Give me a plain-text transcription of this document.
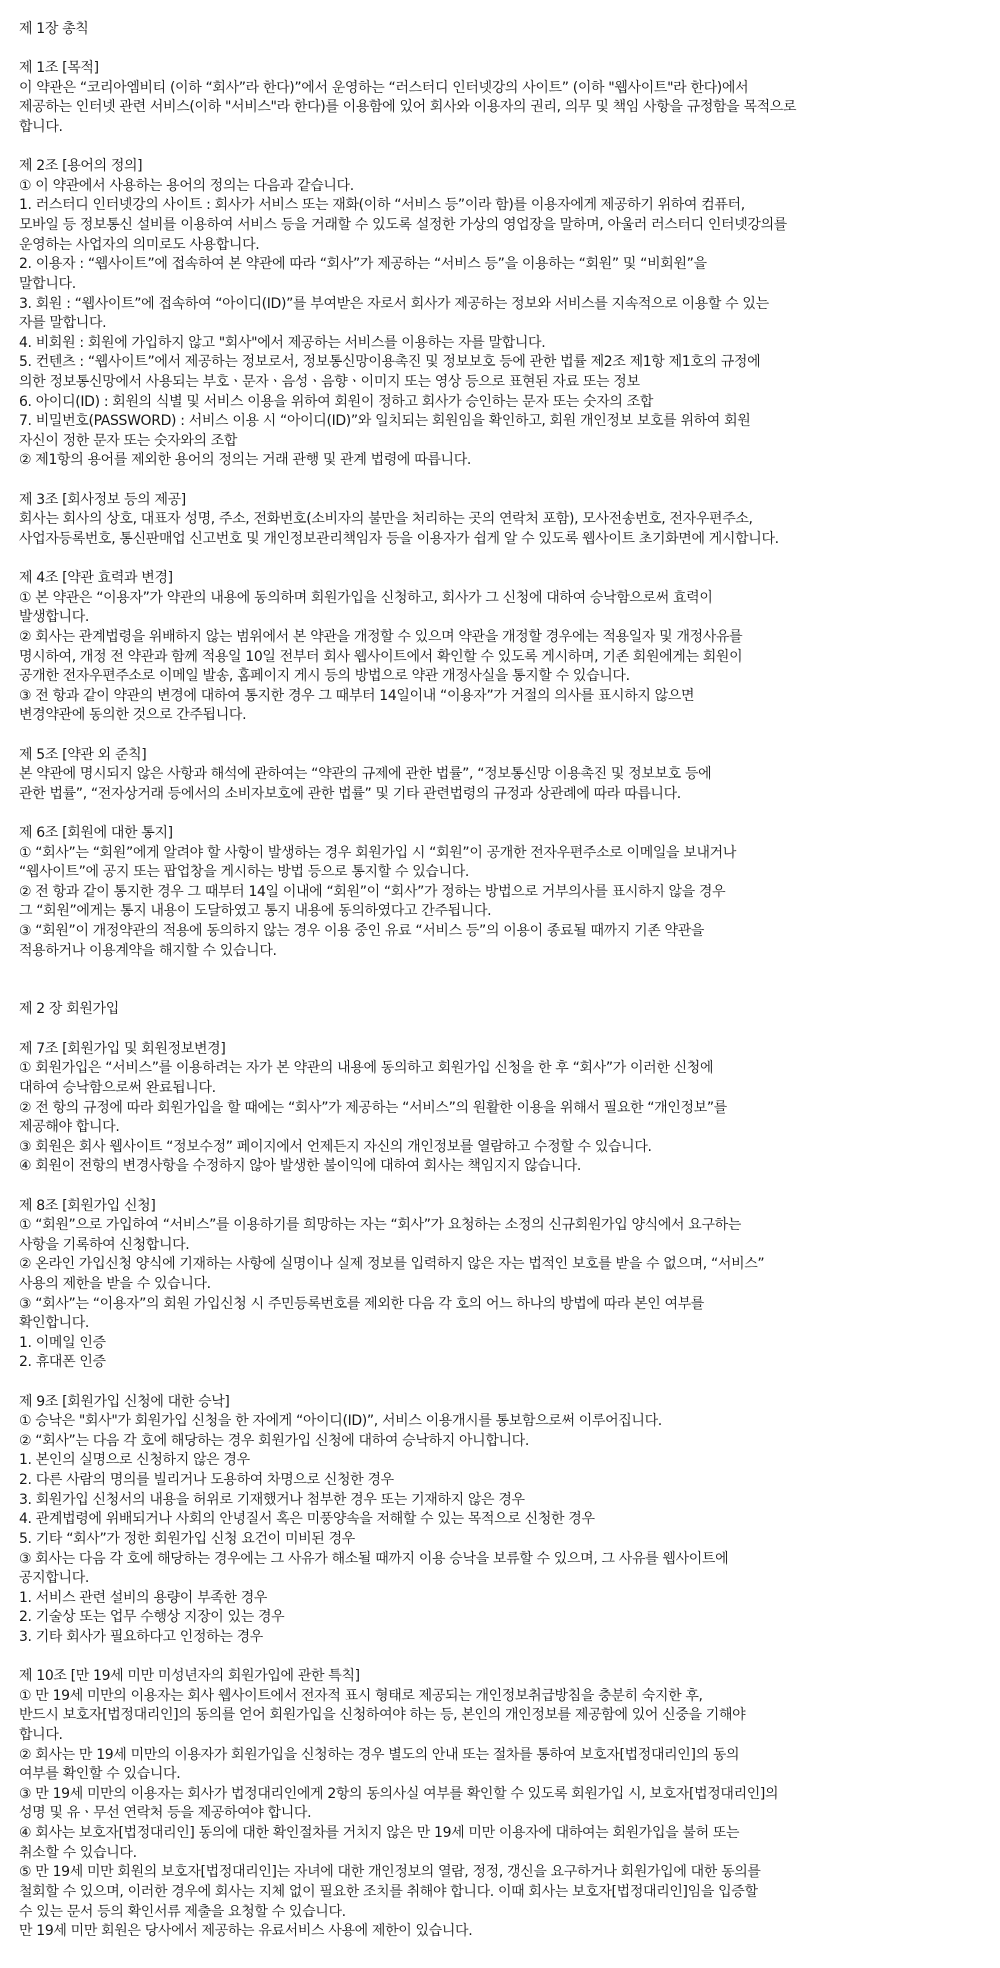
제 1장 총칙
제 1조 [목적]
이 약관은 “코리아엠비티 (이하 “회사”라 한다)”에서 운영하는 “러스터디 인터넷강의 사이트” (이하 "웹사이트"라 한다)에서
제공하는 인터넷 관련 서비스(이하 "서비스"라 한다)를 이용함에 있어 회사와 이용자의 권리, 의무 및 책임 사항을 규정함을 목적으로
합니다.
제 2조 [용어의 정의]
① 이 약관에서 사용하는 용어의 정의는 다음과 같습니다.
1. 러스터디 인터넷강의 사이트 : 회사가 서비스 또는 재화(이하 “서비스 등”이라 함)를 이용자에게 제공하기 위하여 컴퓨터,
모바일 등 정보통신 설비를 이용하여 서비스 등을 거래할 수 있도록 설정한 가상의 영업장을 말하며, 아울러 러스터디 인터넷강의를
운영하는 사업자의 의미로도 사용합니다.
2. 이용자 : “웹사이트”에 접속하여 본 약관에 따라 “회사”가 제공하는 “서비스 등”을 이용하는 “회원” 및 “비회원”을
말합니다.
3. 회원 : “웹사이트”에 접속하여 “아이디(ID)”를 부여받은 자로서 회사가 제공하는 정보와 서비스를 지속적으로 이용할 수 있는
자를 말합니다.
4. 비회원 : 회원에 가입하지 않고 "회사"에서 제공하는 서비스를 이용하는 자를 말합니다.
5. 컨텐츠 : “웹사이트”에서 제공하는 정보로서, 정보통신망이용촉진 및 정보보호 등에 관한 법률 제2조 제1항 제1호의 규정에
의한 정보통신망에서 사용되는 부호ㆍ문자ㆍ음성ㆍ음향ㆍ이미지 또는 영상 등으로 표현된 자료 또는 정보
6. 아이디(ID) : 회원의 식별 및 서비스 이용을 위하여 회원이 정하고 회사가 승인하는 문자 또는 숫자의 조합
7. 비밀번호(PASSWORD) : 서비스 이용 시 “아이디(ID)”와 일치되는 회원임을 확인하고, 회원 개인정보 보호를 위하여 회원
자신이 정한 문자 또는 숫자와의 조합
② 제1항의 용어를 제외한 용어의 정의는 거래 관행 및 관계 법령에 따릅니다.
제 3조 [회사정보 등의 제공]
회사는 회사의 상호, 대표자 성명, 주소, 전화번호(소비자의 불만을 처리하는 곳의 연락처 포함), 모사전송번호, 전자우편주소,
사업자등록번호, 통신판매업 신고번호 및 개인정보관리책임자 등을 이용자가 쉽게 알 수 있도록 웹사이트 초기화면에 게시합니다.
제 4조 [약관 효력과 변경]
① 본 약관은 “이용자”가 약관의 내용에 동의하며 회원가입을 신청하고, 회사가 그 신청에 대하여 승낙함으로써 효력이
발생합니다.
② 회사는 관계법령을 위배하지 않는 범위에서 본 약관을 개정할 수 있으며 약관을 개정할 경우에는 적용일자 및 개정사유를
명시하여, 개정 전 약관과 함께 적용일 10일 전부터 회사 웹사이트에서 확인할 수 있도록 게시하며, 기존 회원에게는 회원이
공개한 전자우편주소로 이메일 발송, 홈페이지 게시 등의 방법으로 약관 개정사실을 통지할 수 있습니다.
③ 전 항과 같이 약관의 변경에 대하여 통지한 경우 그 때부터 14일이내 “이용자”가 거절의 의사를 표시하지 않으면
변경약관에 동의한 것으로 간주됩니다.
제 5조 [약관 외 준칙]
본 약관에 명시되지 않은 사항과 해석에 관하여는 “약관의 규제에 관한 법률”, “정보통신망 이용촉진 및 정보보호 등에
관한 법률”, “전자상거래 등에서의 소비자보호에 관한 법률” 및 기타 관련법령의 규정과 상관례에 따라 따릅니다.
제 6조 [회원에 대한 통지]
① “회사”는 “회원”에게 알려야 할 사항이 발생하는 경우 회원가입 시 “회원”이 공개한 전자우편주소로 이메일을 보내거나
“웹사이트”에 공지 또는 팝업창을 게시하는 방법 등으로 통지할 수 있습니다.
② 전 항과 같이 통지한 경우 그 때부터 14일 이내에 “회원”이 “회사”가 정하는 방법으로 거부의사를 표시하지 않을 경우
그 “회원”에게는 통지 내용이 도달하였고 통지 내용에 동의하였다고 간주됩니다.
③ “회원”이 개정약관의 적용에 동의하지 않는 경우 이용 중인 유료 “서비스 등”의 이용이 종료될 때까지 기존 약관을
적용하거나 이용계약을 해지할 수 있습니다.
제 2 장 회원가입
제 7조 [회원가입 및 회원정보변경]
① 회원가입은 “서비스”를 이용하려는 자가 본 약관의 내용에 동의하고 회원가입 신청을 한 후 “회사”가 이러한 신청에
대하여 승낙함으로써 완료됩니다.
② 전 항의 규정에 따라 회원가입을 할 때에는 “회사”가 제공하는 “서비스”의 원활한 이용을 위해서 필요한 “개인정보”를
제공해야 합니다.
③ 회원은 회사 웹사이트 “정보수정” 페이지에서 언제든지 자신의 개인정보를 열람하고 수정할 수 있습니다.
④ 회원이 전항의 변경사항을 수정하지 않아 발생한 불이익에 대하여 회사는 책임지지 않습니다.
제 8조 [회원가입 신청]
① “회원”으로 가입하여 “서비스”를 이용하기를 희망하는 자는 “회사”가 요청하는 소정의 신규회원가입 양식에서 요구하는
사항을 기록하여 신청합니다.
② 온라인 가입신청 양식에 기재하는 사항에 실명이나 실제 정보를 입력하지 않은 자는 법적인 보호를 받을 수 없으며, “서비스”
사용의 제한을 받을 수 있습니다.
③ “회사”는 “이용자”의 회원 가입신청 시 주민등록번호를 제외한 다음 각 호의 어느 하나의 방법에 따라 본인 여부를
확인합니다.
1. 이메일 인증
2. 휴대폰 인증
제 9조 [회원가입 신청에 대한 승낙]
① 승낙은 "회사"가 회원가입 신청을 한 자에게 “아이디(ID)”, 서비스 이용개시를 통보함으로써 이루어집니다.
② “회사”는 다음 각 호에 해당하는 경우 회원가입 신청에 대하여 승낙하지 아니합니다.
1. 본인의 실명으로 신청하지 않은 경우
2. 다른 사람의 명의를 빌리거나 도용하여 차명으로 신청한 경우
3. 회원가입 신청서의 내용을 허위로 기재했거나 첨부한 경우 또는 기재하지 않은 경우
4. 관계법령에 위배되거나 사회의 안녕질서 혹은 미풍양속을 저해할 수 있는 목적으로 신청한 경우
5. 기타 “회사”가 정한 회원가입 신청 요건이 미비된 경우
③ 회사는 다음 각 호에 해당하는 경우에는 그 사유가 해소될 때까지 이용 승낙을 보류할 수 있으며, 그 사유를 웹사이트에
공지합니다.
1. 서비스 관련 설비의 용량이 부족한 경우
2. 기술상 또는 업무 수행상 지장이 있는 경우
3. 기타 회사가 필요하다고 인정하는 경우
제 10조 [만 19세 미만 미성년자의 회원가입에 관한 특칙]
① 만 19세 미만의 이용자는 회사 웹사이트에서 전자적 표시 형태로 제공되는 개인정보취급방침을 충분히 숙지한 후,
반드시 보호자[법정대리인]의 동의를 얻어 회원가입을 신청하여야 하는 등, 본인의 개인정보를 제공함에 있어 신중을 기해야
합니다.
② 회사는 만 19세 미만의 이용자가 회원가입을 신청하는 경우 별도의 안내 또는 절차를 통하여 보호자[법정대리인]의 동의
여부를 확인할 수 있습니다.
③ 만 19세 미만의 이용자는 회사가 법정대리인에게 2항의 동의사실 여부를 확인할 수 있도록 회원가입 시, 보호자[법정대리인]의
성명 및 유ㆍ무선 연락처 등을 제공하여야 합니다.
④ 회사는 보호자[법정대리인] 동의에 대한 확인절차를 거치지 않은 만 19세 미만 이용자에 대하여는 회원가입을 불허 또는
취소할 수 있습니다.
⑤ 만 19세 미만 회원의 보호자[법정대리인]는 자녀에 대한 개인정보의 열람, 정정, 갱신을 요구하거나 회원가입에 대한 동의를
철회할 수 있으며, 이러한 경우에 회사는 지체 없이 필요한 조치를 취해야 합니다. 이때 회사는 보호자[법정대리인]임을 입증할
수 있는 문서 등의 확인서류 제출을 요청할 수 있습니다.
만 19세 미만 회원은 당사에서 제공하는 유료서비스 사용에 제한이 있습니다.
